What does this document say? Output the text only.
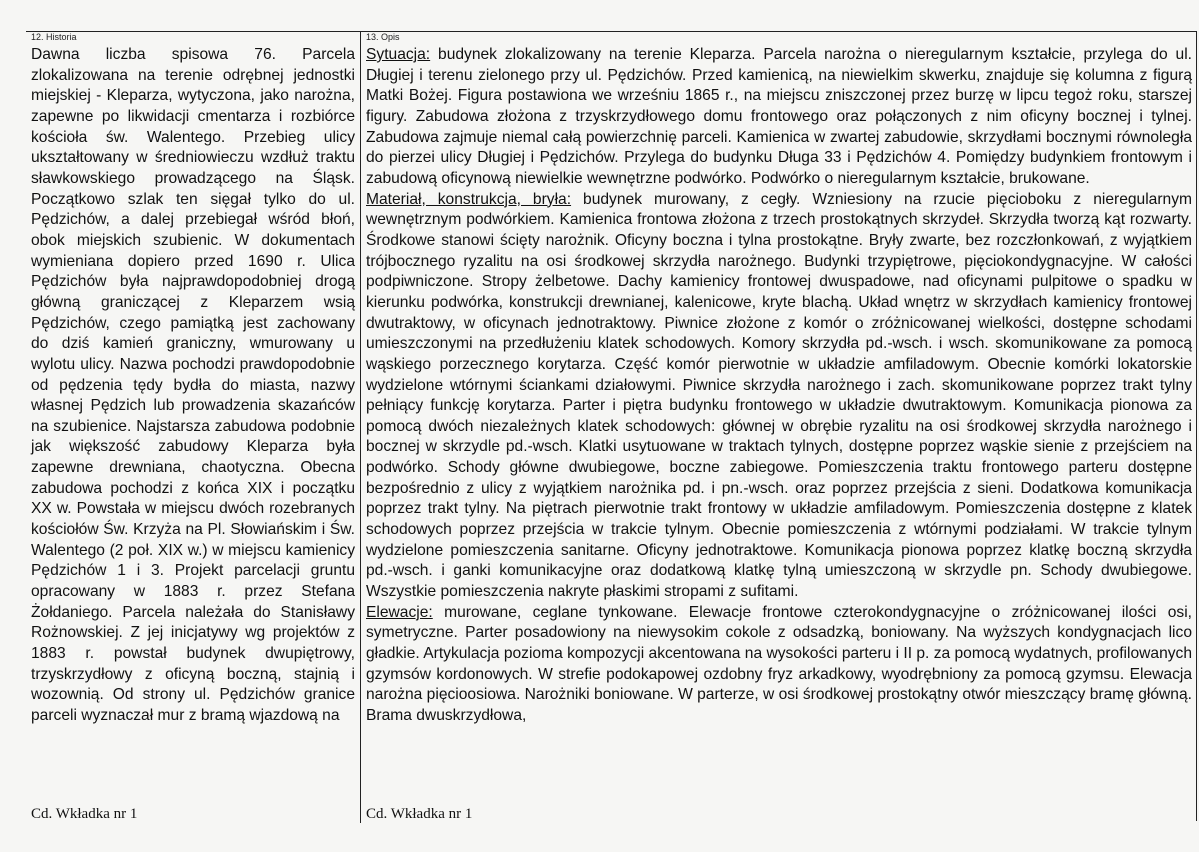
12. Historia	13. Opis

Dawna liczba spisowa 76. Parcela zlokalizowana na terenie odrębnej jednostki miejskiej - Kleparza, wytyczona, jako narożna, zapewne po likwidacji cmentarza i rozbiórce kościoła św. Walentego. Przebieg ulicy ukształtowany w średniowieczu wzdłuż traktu sławkowskiego prowadzącego na Śląsk. Początkowo szlak ten sięgał tylko do ul. Pędzichów, a dalej przebiegał wśród błoń, obok miejskich szubienic. W dokumentach wymieniana dopiero przed 1690 r. Ulica Pędzichów była najprawdopodobniej drogą główną graniczącej z Kleparzem wsią Pędzichów, czego pamiątką jest zachowany do dziś kamień graniczny, wmurowany u wylotu ulicy. Nazwa pochodzi prawdopodobnie od pędzenia tędy bydła do miasta, nazwy własnej Pędzich lub prowadzenia skazańców na szubienice. Najstarsza zabudowa podobnie jak większość zabudowy Kleparza była zapewne drewniana, chaotyczna. Obecna zabudowa pochodzi z końca XIX i początku XX w. Powstała w miejscu dwóch rozebranych kościołów Św. Krzyża na Pl. Słowiańskim i Św. Walentego (2 poł. XIX w.) w miejscu kamienicy Pędzichów 1 i 3. Projekt parcelacji gruntu opracowany w 1883 r. przez Stefana Żołdaniego. Parcela należała do Stanisławy Rożnowskiej. Z jej inicjatywy wg projektów z 1883 r. powstał budynek dwupiętrowy, trzyskrzydłowy z oficyną boczną, stajnią i wozownią. Od strony ul. Pędzichów granice parceli wyznaczał mur z bramą wjazdową na

Sytuacja: budynek zlokalizowany na terenie Kleparza. Parcela narożna o nieregularnym kształcie, przylega do ul. Długiej i terenu zielonego przy ul. Pędzichów. Przed kamienicą, na niewielkim skwerku, znajduje się kolumna z figurą Matki Bożej. Figura postawiona we wrześniu 1865 r., na miejscu zniszczonej przez burzę w lipcu tegoż roku, starszej figury. Zabudowa złożona z trzyskrzydłowego domu frontowego oraz połączonych z nim oficyny bocznej i tylnej. Zabudowa zajmuje niemal całą powierzchnię parceli. Kamienica w zwartej zabudowie, skrzydłami bocznymi równoległa do pierzei ulicy Długiej i Pędzichów. Przylega do budynku Długa 33 i Pędzichów 4. Pomiędzy budynkiem frontowym i zabudową oficynową niewielkie wewnętrzne podwórko. Podwórko o nieregularnym kształcie, brukowane.

Materiał, konstrukcja, bryła: budynek murowany, z cegły. Wzniesiony na rzucie pięcioboku z nieregularnym wewnętrznym podwórkiem. Kamienica frontowa złożona z trzech prostokątnych skrzydeł. Skrzydła tworzą kąt rozwarty. Środkowe stanowi ścięty narożnik. Oficyny boczna i tylna prostokątne. Bryły zwarte, bez rozczłonkowań, z wyjątkiem trójbocznego ryzalitu na osi środkowej skrzydła narożnego. Budynki trzypiętrowe, pięciokondygnacyjne. W całości podpiwniczone. Stropy żelbetowe. Dachy kamienicy frontowej dwuspadowe, nad oficynami pulpitowe o spadku w kierunku podwórka, konstrukcji drewnianej, kalenicowe, kryte blachą. Układ wnętrz w skrzydłach kamienicy frontowej dwutraktowy, w oficynach jednotraktowy. Piwnice złożone z komór o zróżnicowanej wielkości, dostępne schodami umieszczonymi na przedłużeniu klatek schodowych. Komory skrzydła pd.-wsch. i wsch. skomunikowane za pomocą wąskiego porzecznego korytarza. Część komór pierwotnie w układzie amfiladowym. Obecnie komórki lokatorskie wydzielone wtórnymi ściankami działowymi. Piwnice skrzydła narożnego i zach. skomunikowane poprzez trakt tylny pełniący funkcję korytarza. Parter i piętra budynku frontowego w układzie dwutraktowym. Komunikacja pionowa za pomocą dwóch niezależnych klatek schodowych: głównej w obrębie ryzalitu na osi środkowej skrzydła narożnego i bocznej w skrzydle pd.-wsch. Klatki usytuowane w traktach tylnych, dostępne poprzez wąskie sienie z przejściem na podwórko. Schody główne dwubiegowe, boczne zabiegowe. Pomieszczenia traktu frontowego parteru dostępne bezpośrednio z ulicy z wyjątkiem narożnika pd. i pn.-wsch. oraz poprzez przejścia z sieni. Dodatkowa komunikacja poprzez trakt tylny. Na piętrach pierwotnie trakt frontowy w układzie amfiladowym. Pomieszczenia dostępne z klatek schodowych poprzez przejścia w trakcie tylnym. Obecnie pomieszczenia z wtórnymi podziałami. W trakcie tylnym wydzielone pomieszczenia sanitarne. Oficyny jednotraktowe. Komunikacja pionowa poprzez klatkę boczną skrzydła pd.-wsch. i ganki komunikacyjne oraz dodatkową klatkę tylną umieszczoną w skrzydle pn. Schody dwubiegowe. Wszystkie pomieszczenia nakryte płaskimi stropami z sufitami.

Elewacje: murowane, ceglane tynkowane. Elewacje frontowe czterokondygnacyjne o zróżnicowanej ilości osi, symetryczne. Parter posadowiony na niewysokim cokole z odsadzką, boniowany. Na wyższych kondygnacjach lico gładkie. Artykulacja pozioma kompozycji akcentowana na wysokości parteru i II p. za pomocą wydatnych, profilowanych gzymsów kordonowych. W strefie podokapowej ozdobny fryz arkadkowy, wyodrębniony za pomocą gzymsu. Elewacja narożna pięcioosiowa. Narożniki boniowane. W parterze, w osi środkowej prostokątny otwór mieszczący bramę główną. Brama dwuskrzydłowa,

Cd. Wkładka nr 1	Cd. Wkładka nr 1
